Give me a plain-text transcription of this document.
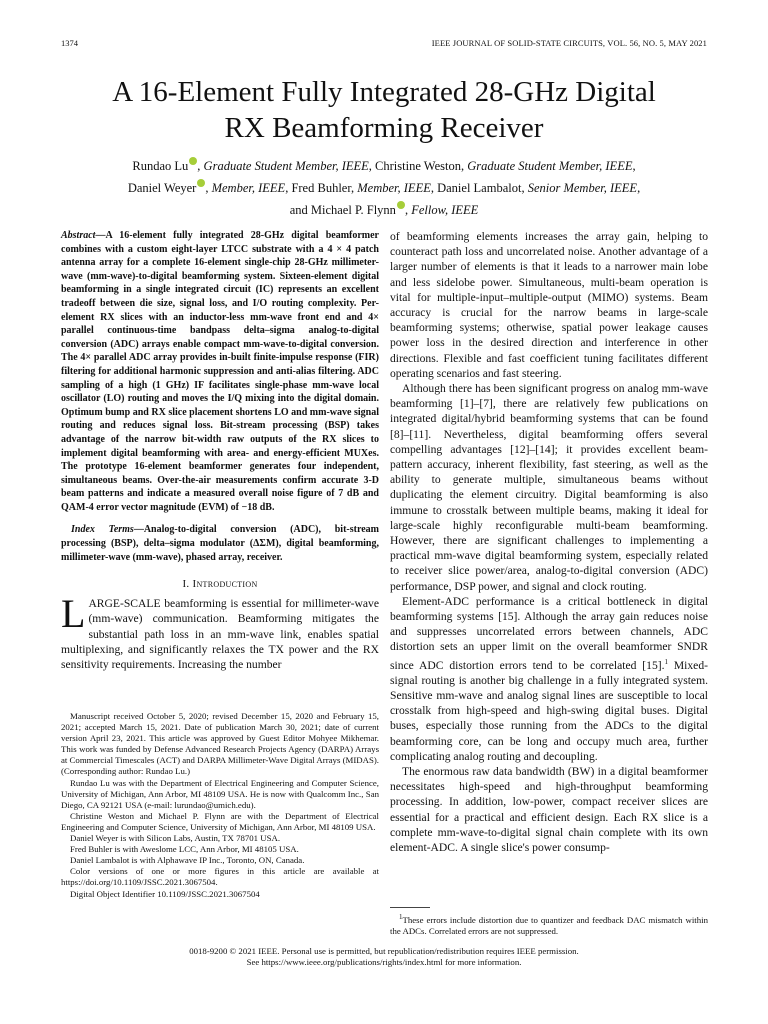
1374	IEEE JOURNAL OF SOLID-STATE CIRCUITS, VOL. 56, NO. 5, MAY 2021
A 16-Element Fully Integrated 28-GHz Digital
RX Beamforming Receiver
Rundao Lu , Graduate Student Member, IEEE, Christine Weston, Graduate Student Member, IEEE,
Daniel Weyer , Member, IEEE, Fred Buhler, Member, IEEE, Daniel Lambalot, Senior Member, IEEE,
and Michael P. Flynn , Fellow, IEEE

Abstract—A 16-element fully integrated 28-GHz digital beamformer combines with a custom eight-layer LTCC substrate with a 4 × 4 patch antenna array for a complete 16-element single-chip 28-GHz millimeter-wave (mm-wave)-to-digital beamforming system. Sixteen-element digital beamforming in a single integrated circuit (IC) represents an excellent tradeoff between die size, signal loss, and I/O routing complexity. Per-element RX slices with an inductor-less mm-wave front end and 4× parallel continuous-time bandpass delta–sigma analog-to-digital conversion (ADC) arrays enable compact mm-wave-to-digital conversion. The 4× parallel ADC array provides in-built finite-impulse response (FIR) filtering for additional harmonic suppression and anti-alias filtering. ADC sampling of a high (1 GHz) IF facilitates single-phase mm-wave local oscillator (LO) routing and moves the I/Q mixing into the digital domain. Optimum bump and RX slice placement shortens LO and mm-wave signal routing and reduces signal loss. Bit-stream processing (BSP) takes advantage of the narrow bit-width raw outputs of the RX slices to implement digital beamforming with area- and energy-efficient MUXes. The prototype 16-element beamformer generates four independent, simultaneous beams. Over-the-air measurements confirm accurate 3-D beam patterns and indicate a measured overall noise figure of 7 dB and QAM-4 error vector magnitude (EVM) of −18 dB.

Index Terms—Analog-to-digital conversion (ADC), bit-stream processing (BSP), delta–sigma modulator (ΔΣM), digital beamforming, millimeter-wave (mm-wave), phased array, receiver.

I. Introduction

LARGE-SCALE beamforming is essential for millimeter-wave (mm-wave) communication. Beamforming mitigates the substantial path loss in an mm-wave link, enables spatial multiplexing, and significantly relaxes the TX power and the RX sensitivity requirements. Increasing the number

Manuscript received October 5, 2020; revised December 15, 2020 and February 15, 2021; accepted March 15, 2021. Date of publication March 30, 2021; date of current version April 23, 2021. This article was approved by Guest Editor Mohyee Mikhemar. This work was funded by Defense Advanced Research Projects Agency (DARPA) Arrays at Commercial Timescales (ACT) and DARPA Millimeter-Wave Digital Arrays (MIDAS). (Corresponding author: Rundao Lu.)

Rundao Lu was with the Department of Electrical Engineering and Computer Science, University of Michigan, Ann Arbor, MI 48109 USA. He is now with Qualcomm Inc., San Diego, CA 92121 USA (e-mail: lurundao@umich.edu).

Christine Weston and Michael P. Flynn are with the Department of Electrical Engineering and Computer Science, University of Michigan, Ann Arbor, MI 48109 USA.

Daniel Weyer is with Silicon Labs, Austin, TX 78701 USA.

Fred Buhler is with Aweslome LCC, Ann Arbor, MI 48105 USA.

Daniel Lambalot is with Alphawave IP Inc., Toronto, ON, Canada.

Color versions of one or more figures in this article are available at https://doi.org/10.1109/JSSC.2021.3067504.

Digital Object Identifier 10.1109/JSSC.2021.3067504

of beamforming elements increases the array gain, helping to counteract path loss and uncorrelated noise. Another advantage of a larger number of elements is that it leads to a narrower main lobe and less sidelobe power. Simultaneous, multi-beam operation is vital for multiple-input–multiple-output (MIMO) systems. Beam accuracy is crucial for the narrow beams in large-scale beamforming systems; otherwise, spatial power leakage causes power loss in the desired direction and interference in other directions. Flexible and fast coefficient tuning facilitates different operating scenarios and fast steering.

Although there has been significant progress on analog mm-wave beamforming [1]–[7], there are relatively few publications on integrated digital/hybrid beamforming systems that can be found [8]–[11]. Nevertheless, digital beamforming offers several compelling advantages [12]–[14]; it provides excellent beam-pattern accuracy, inherent flexibility, fast steering, as well as the ability to generate multiple, simultaneous beams without duplicating the element circuitry. Digital beamforming is also immune to crosstalk between multiple beams, making it ideal for large-scale highly reconfigurable multi-beam beamforming. However, there are significant challenges to implementing a practical mm-wave digital beamforming system, especially related to receiver slice power/area, analog-to-digital conversion (ADC) performance, DSP power, and signal and clock routing.

Element-ADC performance is a critical bottleneck in digital beamforming systems [15]. Although the array gain reduces noise and suppresses uncorrelated errors between channels, ADC distortion sets an upper limit on the overall beamformer SNDR since ADC distortion errors tend to be correlated [15].$^1$ Mixed-signal routing is another big challenge in a fully integrated system. Sensitive mm-wave and analog signal lines are susceptible to local crosstalk from high-speed and high-swing digital buses. Digital buses, especially those running from the ADCs to the digital beamforming core, can be long and occupy much area, further complicating analog routing and decoupling.

The enormous raw data bandwidth (BW) in a digital beamformer necessitates high-speed and high-throughput beamforming processing. In addition, low-power, compact receiver slices are essential for a practical and efficient design. Each RX slice is a complete mm-wave-to-digital signal chain complete with its own element-ADC. A single slice's power consump-

$^1$These errors include distortion due to quantizer and feedback DAC mismatch within the ADCs. Correlated errors are not suppressed.

0018-9200 © 2021 IEEE. Personal use is permitted, but republication/redistribution requires IEEE permission.
See https://www.ieee.org/publications/rights/index.html for more information.
